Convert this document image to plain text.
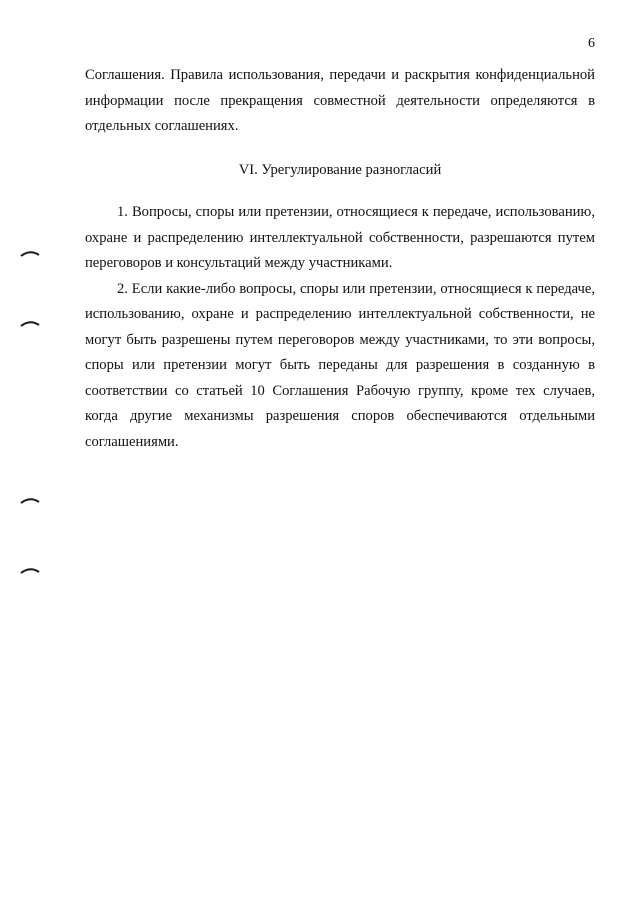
6
Соглашения. Правила использования, передачи и раскрытия конфиденциальной информации после прекращения совместной деятельности определяются в отдельных соглашениях.
VI. Урегулирование разногласий

1. Вопросы, споры или претензии, относящиеся к передаче, использованию, охране и распределению интеллектуальной собственности, разрешаются путем переговоров и консультаций между участниками.

2. Если какие-либо вопросы, споры или претензии, относящиеся к передаче, использованию, охране и распределению интеллектуальной собственности, не могут быть разрешены путем переговоров между участниками, то эти вопросы, споры или претензии могут быть переданы для разрешения в созданную в соответствии со статьей 10 Соглашения Рабочую группу, кроме тех случаев, когда другие механизмы разрешения споров обеспечиваются отдельными соглашениями.
